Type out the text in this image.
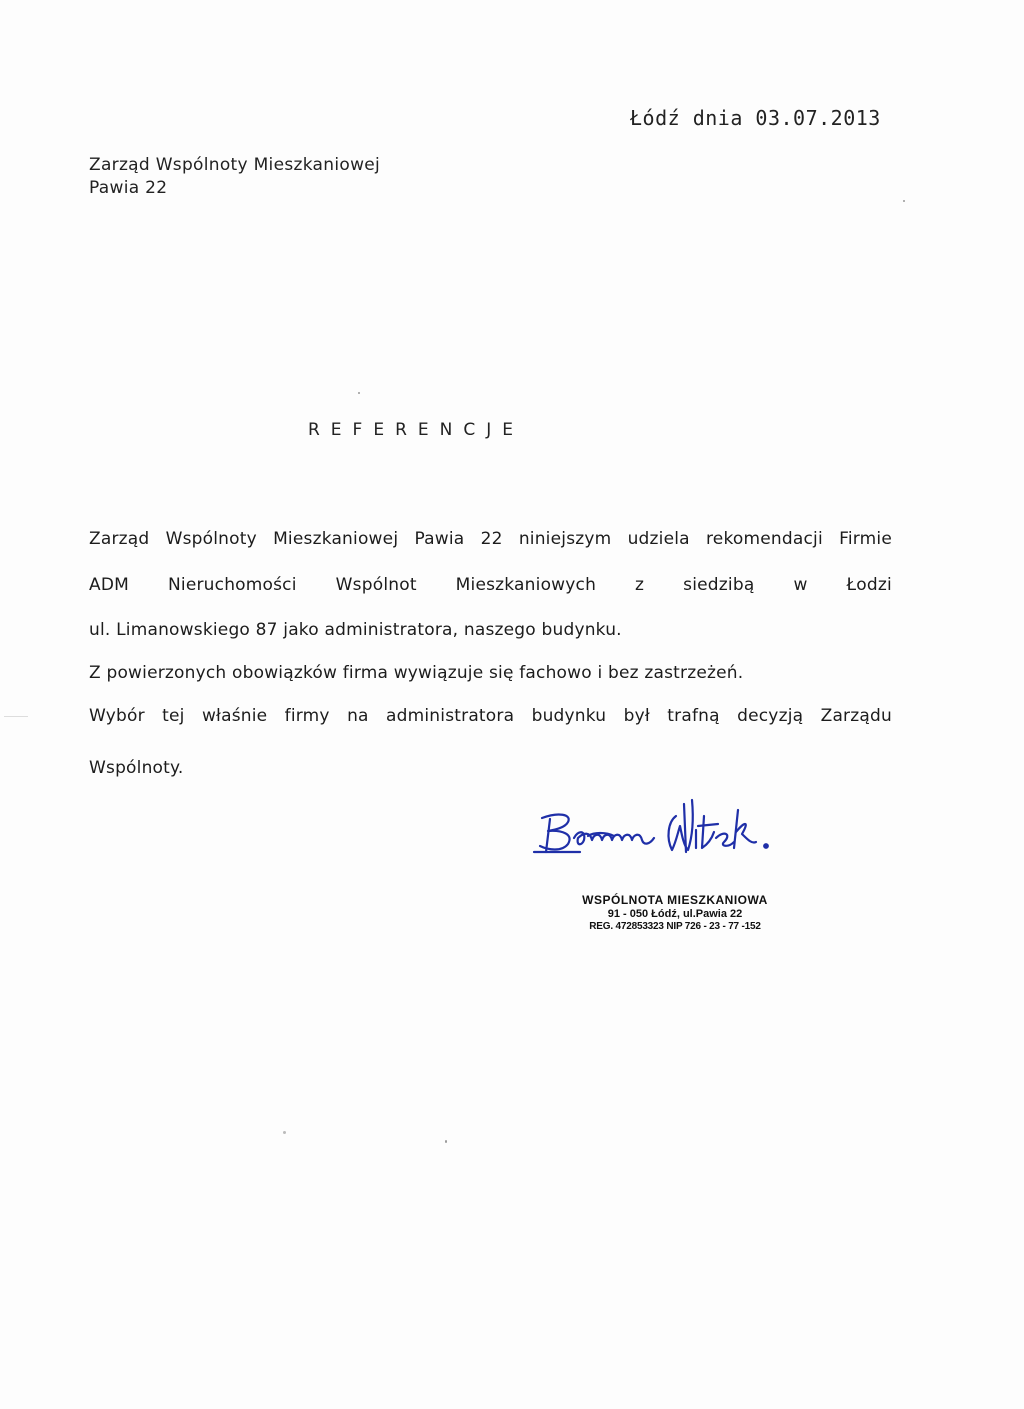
Łódź dnia 03.07.2013
Zarząd Wspólnoty Mieszkaniowej
Pawia 22
REFERENCJE
Zarząd Wspólnoty Mieszkaniowej Pawia 22 niniejszym udziela rekomendacji Firmie
ADM Nieruchomości Wspólnot Mieszkaniowych z siedzibą w Łodzi
ul. Limanowskiego 87 jako administratora, naszego budynku.
Z powierzonych obowiązków firma wywiązuje się fachowo i bez zastrzeżeń.
Wybór tej właśnie firmy na administratora budynku był trafną decyzją Zarządu
Wspólnoty.
WSPÓLNOTA MIESZKANIOWA
91 - 050 Łódź, ul.Pawia 22
REG. 472853323 NIP 726 - 23 - 77 -152
